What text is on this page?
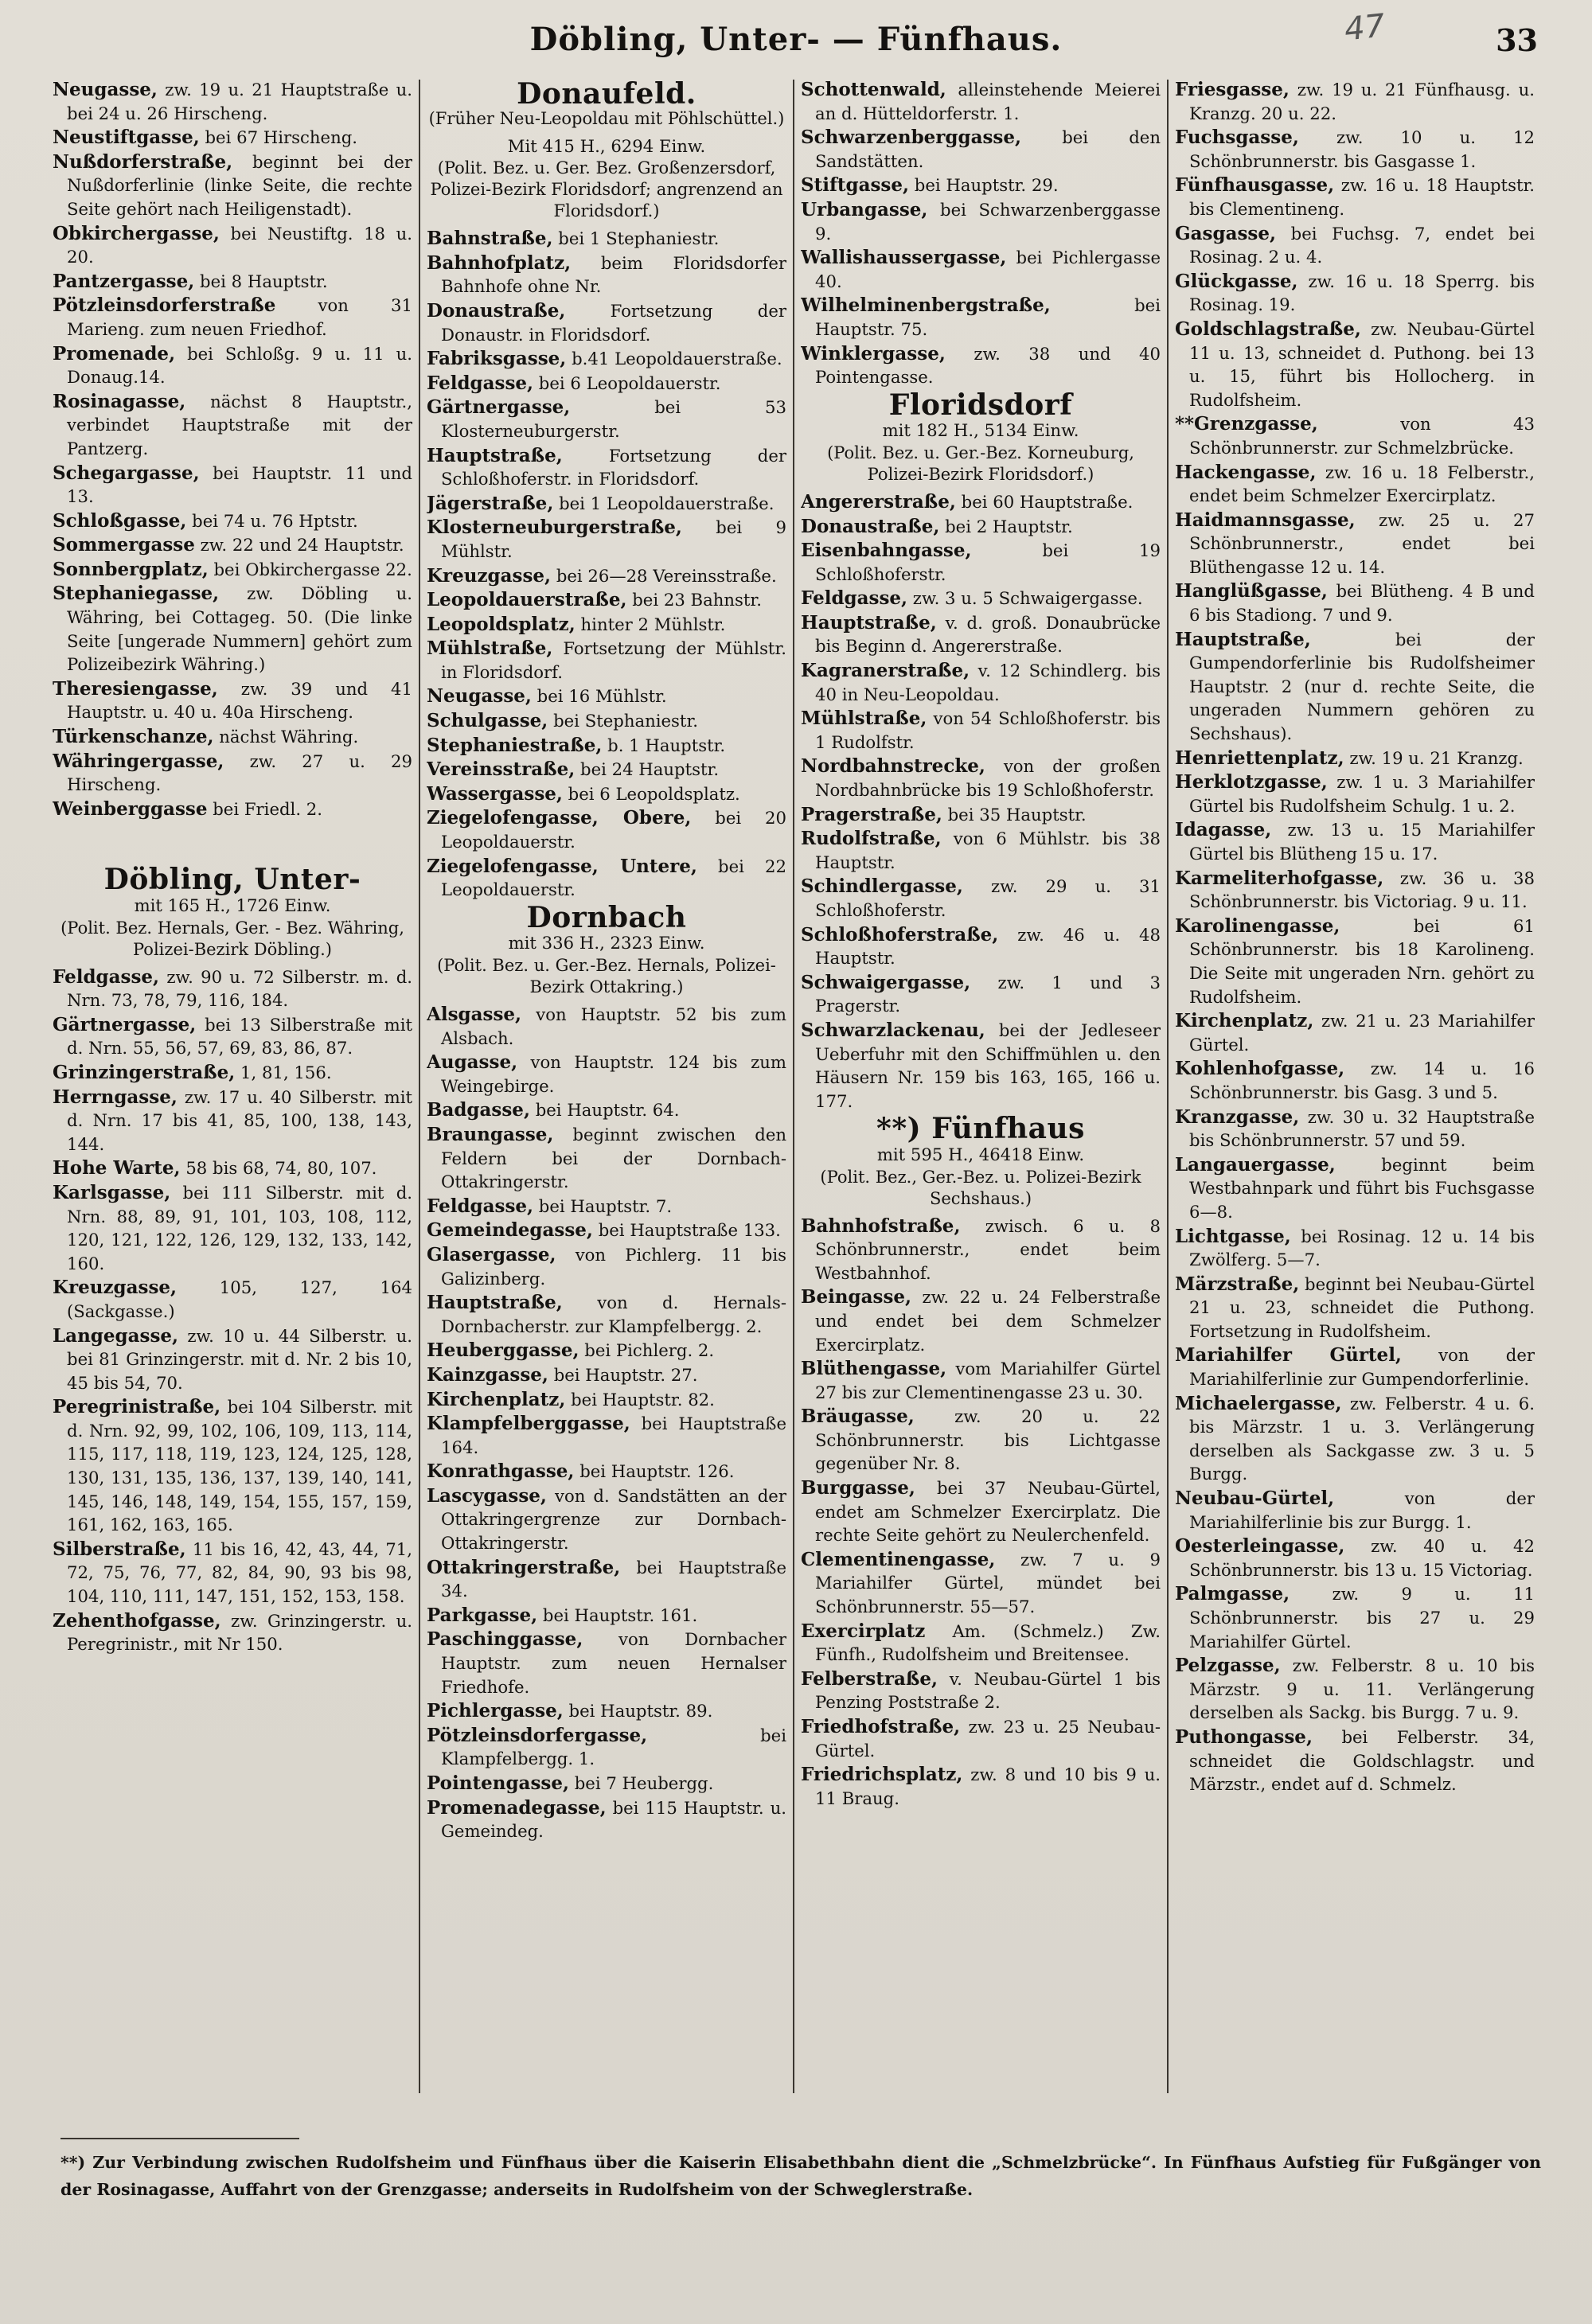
Döbling, Unter- — Fünfhaus.	47	33

Neugasse, zw. 19 u. 21 Hauptstraße u. bei 24 u. 26 Hirscheng.

Neustiftgasse, bei 67 Hirscheng.

Nußdorferstraße, beginnt bei der Nußdorferlinie (linke Seite, die rechte Seite gehört nach Heiligenstadt).

Obkirchergasse, bei Neustiftg. 18 u. 20.

Pantzergasse, bei 8 Hauptstr.

Pötzleinsdorferstraße	von 31 Marieng. zum neuen Friedhof.

Promenade, bei Schloßg. 9 u. 11 u. Donaug.14.

Rosinagasse, nächst 8 Hauptstr., verbindet Hauptstraße mit der Pantzerg.

Schegargasse, bei Hauptstr. 11 und 13.

Schloßgasse, bei 74 u. 76 Hptstr.

Sommergasse zw. 22 und 24 Hauptstr.

Sonnbergplatz, bei Obkirchergasse 22.

Stephaniegasse, zw. Döbling u. Währing, bei Cottageg. 50. (Die linke Seite [ungerade Nummern] gehört zum Polizeibezirk Währing.)

Theresiengasse, zw. 39 und 41 Hauptstr. u. 40 u. 40a Hirscheng.

Türkenschanze, nächst Währing.

Währingergasse, zw. 27 u. 29 Hirscheng.

Weinberggasse bei Friedl. 2.

Döbling, Unter-

mit 165 H., 1726 Einw.

(Polit. Bez. Hernals, Ger. - Bez. Währing, Polizei-Bezirk Döbling.)

Feldgasse, zw. 90 u. 72 Silberstr. m. d. Nrn. 73, 78, 79, 116, 184.

Gärtnergasse, bei 13 Silberstraße mit d. Nrn. 55, 56, 57, 69, 83, 86, 87.

Grinzingerstraße, 1, 81, 156.

Herrngasse, zw. 17 u. 40 Silberstr. mit d. Nrn. 17 bis 41, 85, 100, 138, 143, 144.

Hohe Warte, 58 bis 68, 74, 80, 107.

Karlsgasse, bei 111 Silberstr. mit d. Nrn. 88, 89, 91, 101, 103, 108, 112, 120, 121, 122, 126, 129, 132, 133, 142, 160.

Kreuzgasse,	105, 127, 164 (Sackgasse.)

Langegasse, zw. 10 u. 44 Silberstr. u. bei 81 Grinzingerstr. mit d. Nr. 2 bis 10, 45 bis 54, 70.

Peregrinistraße, bei 104 Silberstr. mit d. Nrn. 92, 99, 102, 106, 109, 113, 114, 115, 117, 118, 119, 123, 124, 125, 128, 130, 131, 135, 136, 137, 139, 140, 141, 145, 146, 148, 149, 154, 155, 157, 159, 161, 162, 163, 165.

Silberstraße, 11 bis 16, 42, 43, 44, 71, 72, 75, 76, 77, 82, 84, 90, 93 bis 98, 104, 110, 111, 147, 151, 152, 153, 158.

Zehenthofgasse, zw. Grinzingerstr. u. Peregrinistr., mit Nr 150.

Donaufeld.

(Früher Neu-Leopoldau mit Pöhlschüttel.)

Mit 415 H., 6294 Einw.

(Polit. Bez. u. Ger. Bez. Großenzersdorf, Polizei-Bezirk Floridsdorf; angrenzend an Floridsdorf.)

Bahnstraße, bei 1 Stephaniestr.

Bahnhofplatz, beim Floridsdorfer Bahnhofe ohne Nr.

Donaustraße,	Fortsetzung der Donaustr. in Floridsdorf.

Fabriksgasse, b.41 Leopoldauerstraße.

Feldgasse, bei 6 Leopoldauerstr.

Gärtnergasse,	bei 53 Klosterneuburgerstr.

Hauptstraße,	Fortsetzung der Schloßhoferstr. in Floridsdorf.

Jägerstraße, bei 1 Leopoldauerstraße.

Klosterneuburgerstraße, bei 9 Mühlstr.

Kreuzgasse, bei 26—28 Vereinsstraße.

Leopoldauerstraße, bei 23 Bahnstr.

Leopoldsplatz, hinter 2 Mühlstr.

Mühlstraße, Fortsetzung der Mühlstr. in Floridsdorf.

Neugasse, bei 16 Mühlstr.

Schulgasse, bei Stephaniestr.

Stephaniestraße, b. 1 Hauptstr.

Vereinsstraße, bei 24 Hauptstr.

Wassergasse, bei 6 Leopoldsplatz.

Ziegelofengasse, Obere, bei 20 Leopoldauerstr.

Ziegelofengasse, Untere, bei 22 Leopoldauerstr.

Dornbach

mit 336 H., 2323 Einw.

(Polit. Bez. u. Ger.-Bez. Hernals, Polizei-Bezirk Ottakring.)

Alsgasse, von Hauptstr. 52 bis zum Alsbach.

Augasse, von Hauptstr. 124 bis zum Weingebirge.

Badgasse, bei Hauptstr. 64.

Braungasse, beginnt zwischen den Feldern bei der Dornbach-Ottakringerstr.

Feldgasse, bei Hauptstr. 7.

Gemeindegasse, bei Hauptstraße 133.

Glasergasse, von Pichlerg. 11 bis Galizinberg.

Hauptstraße, von d. Hernals-Dornbacherstr. zur Klampfelbergg. 2.

Heuberggasse, bei Pichlerg. 2.

Kainzgasse, bei Hauptstr. 27.

Kirchenplatz, bei Hauptstr. 82.

Klampfelberggasse, bei Hauptstraße 164.

Konrathgasse, bei Hauptstr. 126.

Lascygasse, von d. Sandstätten an der Ottakringergrenze zur Dornbach-Ottakringerstr.

Ottakringerstraße, bei Hauptstraße 34.

Parkgasse, bei Hauptstr. 161.

Paschinggasse, von Dornbacher Hauptstr. zum neuen Hernalser Friedhofe.

Pichlergasse, bei Hauptstr. 89.

Pötzleinsdorfergasse,	bei Klampfelbergg. 1.

Pointengasse, bei 7 Heubergg.

Promenadegasse, bei 115 Hauptstr. u. Gemeindeg.

Schottenwald, alleinstehende Meierei an d. Hütteldorferstr. 1.

Schwarzenberggasse, bei den Sandstätten.

Stiftgasse, bei Hauptstr. 29.

Urbangasse, bei Schwarzenberggasse 9.

Wallishaussergasse, bei Pichlergasse 40.

Wilhelminenbergstraße,	bei Hauptstr. 75.

Winklergasse, zw. 38 und 40 Pointengasse.

Floridsdorf

mit 182 H., 5134 Einw.

(Polit. Bez. u. Ger.-Bez. Korneuburg, Polizei-Bezirk Floridsdorf.)

Angererstraße, bei 60 Hauptstraße.

Donaustraße, bei 2 Hauptstr.

Eisenbahngasse,	bei 19 Schloßhoferstr.

Feldgasse, zw. 3 u. 5 Schwaigergasse.

Hauptstraße, v. d. groß. Donaubrücke bis Beginn d. Angererstraße.

Kagranerstraße, v. 12 Schindlerg. bis 40 in Neu-Leopoldau.

Mühlstraße, von 54 Schloßhoferstr. bis 1 Rudolfstr.

Nordbahnstrecke, von der großen Nordbahnbrücke bis 19 Schloßhoferstr.

Pragerstraße, bei 35 Hauptstr.

Rudolfstraße, von 6 Mühlstr. bis 38 Hauptstr.

Schindlergasse, zw. 29 u. 31 Schloßhoferstr.

Schloßhoferstraße, zw. 46 u. 48 Hauptstr.

Schwaigergasse, zw. 1 und 3 Pragerstr.

Schwarzlackenau, bei der Jedleseer Ueberfuhr mit den Schiffmühlen u. den Häusern Nr. 159 bis 163, 165, 166 u. 177.

**) Fünfhaus

mit 595 H., 46418 Einw.

(Polit. Bez., Ger.-Bez. u. Polizei-Bezirk Sechshaus.)

Bahnhofstraße, zwisch. 6 u. 8 Schönbrunnerstr., endet beim Westbahnhof.

Beingasse, zw. 22 u. 24 Felberstraße und endet bei dem Schmelzer Exercirplatz.

Blüthengasse, vom Mariahilfer Gürtel 27 bis zur Clementinengasse 23 u. 30.

Bräugasse, zw. 20 u. 22 Schönbrunnerstr. bis Lichtgasse gegenüber Nr. 8.

Burggasse, bei 37 Neubau-Gürtel, endet am Schmelzer Exercirplatz. Die rechte Seite gehört zu Neulerchenfeld.

Clementinengasse, zw. 7 u. 9 Mariahilfer Gürtel, mündet bei Schönbrunnerstr. 55—57.

Exercirplatz Am. (Schmelz.) Zw. Fünfh., Rudolfsheim und Breitensee.

Felberstraße, v. Neubau-Gürtel 1 bis Penzing Poststraße 2.

Friedhofstraße, zw. 23 u. 25 Neubau-Gürtel.

Friedrichsplatz, zw. 8 und 10 bis 9 u. 11 Braug.

Friesgasse, zw. 19 u. 21 Fünfhausg. u. Kranzg. 20 u. 22.

Fuchsgasse, zw. 10 u. 12 Schönbrunnerstr. bis Gasgasse 1.

Fünfhausgasse, zw. 16 u. 18 Hauptstr. bis Clementineng.

Gasgasse, bei Fuchsg. 7, endet bei Rosinag. 2 u. 4.

Glückgasse, zw. 16 u. 18 Sperrg. bis Rosinag. 19.

Goldschlagstraße, zw. Neubau-Gürtel 11 u. 13, schneidet d. Puthong. bei 13 u. 15, führt bis Hollocherg. in Rudolfsheim.

**Grenzgasse,	von 43 Schönbrunnerstr. zur Schmelzbrücke.

Hackengasse, zw. 16 u. 18 Felberstr., endet beim Schmelzer Exercirplatz.

Haidmannsgasse, zw. 25 u. 27 Schönbrunnerstr., endet bei Blüthengasse 12 u. 14.

Hanglüßgasse, bei Blütheng. 4 B und 6 bis Stadiong. 7 und 9.

Hauptstraße,	bei der Gumpendorferlinie bis Rudolfsheimer Hauptstr. 2 (nur d. rechte Seite, die ungeraden Nummern gehören zu Sechshaus).

Henriettenplatz, zw. 19 u. 21 Kranzg.

Herklotzgasse, zw. 1 u. 3 Mariahilfer Gürtel bis Rudolfsheim Schulg. 1 u. 2.

Idagasse, zw. 13 u. 15 Mariahilfer Gürtel bis Blütheng 15 u. 17.

Karmeliterhofgasse, zw. 36 u. 38 Schönbrunnerstr. bis Victoriag. 9 u. 11.

Karolinengasse,	bei 61 Schönbrunnerstr. bis 18 Karolineng. Die Seite mit ungeraden Nrn. gehört zu Rudolfsheim.

Kirchenplatz, zw. 21 u. 23 Mariahilfer Gürtel.

Kohlenhofgasse, zw. 14 u. 16 Schönbrunnerstr. bis Gasg. 3 und 5.

Kranzgasse, zw. 30 u. 32 Hauptstraße bis Schönbrunnerstr. 57 und 59.

Langauergasse,	beginnt beim Westbahnpark und führt bis Fuchsgasse 6—8.

Lichtgasse, bei Rosinag. 12 u. 14 bis Zwölferg. 5—7.

Märzstraße, beginnt bei Neubau-Gürtel 21 u. 23, schneidet die Puthong. Fortsetzung in Rudolfsheim.

Mariahilfer Gürtel, von der Mariahilferlinie zur Gumpendorferlinie.

Michaelergasse, zw. Felberstr. 4 u. 6. bis Märzstr. 1 u. 3. Verlängerung derselben als Sackgasse zw. 3 u. 5 Burgg.

Neubau-Gürtel,	von der Mariahilferlinie bis zur Burgg. 1.

Oesterleingasse, zw. 40 u. 42 Schönbrunnerstr. bis 13 u. 15 Victoriag.

Palmgasse,	zw. 9 u. 11 Schönbrunnerstr. bis 27 u. 29 Mariahilfer Gürtel.

Pelzgasse, zw. Felberstr. 8 u. 10 bis Märzstr. 9 u. 11. Verlängerung derselben als Sackg. bis Burgg. 7 u. 9.

Puthongasse, bei Felberstr. 34, schneidet die Goldschlagstr. und Märzstr., endet auf d. Schmelz.

**) Zur Verbindung zwischen Rudolfsheim und Fünfhaus über die Kaiserin Elisabethbahn dient die „Schmelzbrücke“. In Fünfhaus Aufstieg für Fußgänger von der Rosinagasse, Auffahrt von der Grenzgasse; anderseits in Rudolfsheim von der Schweglerstraße.
